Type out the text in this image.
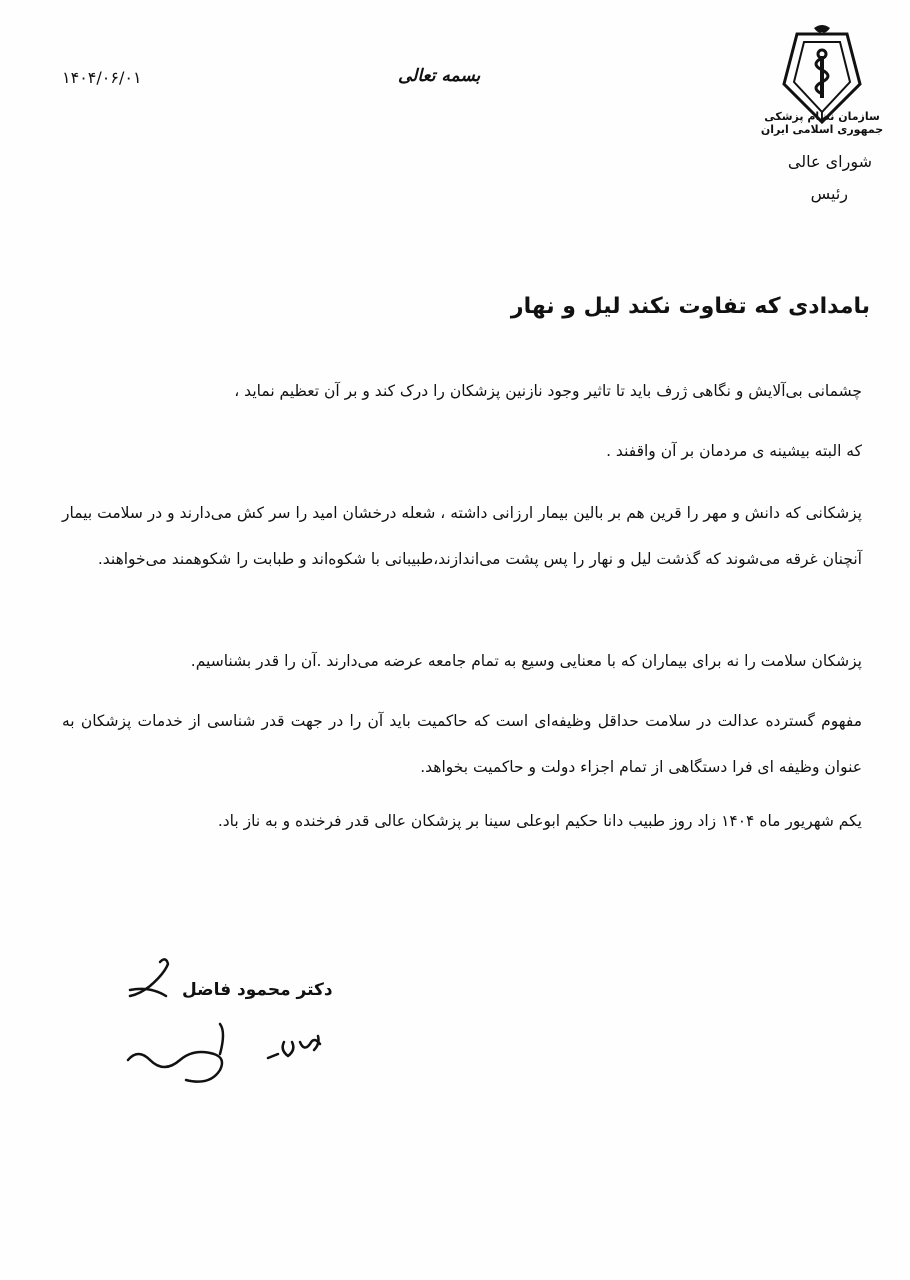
سازمان نظام پزشکی جمهوری اسلامی ایران
شورای عالی
رئیس
بسمه تعالی
۱۴۰۴/۰۶/۰۱
بامدادی که تفاوت نکند لیل و نهار
چشمانی بی‌آلایش و نگاهی ژرف باید تا تاثیر وجود نازنین پزشکان را درک کند و بر آن تعظیم نماید ،
که البته بیشینه ی مردمان بر آن واقفند .
پزشکانی که دانش و مهر را قرین هم بر بالین بیمار ارزانی داشته ، شعله درخشان امید را سر کش می‌دارند و در سلامت بیمار آنچنان غرقه می‌شوند که گذشت لیل و نهار را پس پشت می‌اندازند،طبیبانی با شکوه‌اند و طبابت را شکوهمند می‌خواهند.
پزشکان سلامت را نه برای بیماران که با معنایی وسیع به تمام جامعه عرضه می‌دارند .آن را قدر بشناسیم.
مفهوم گسترده عدالت در سلامت حداقل وظیفه‌ای است که حاکمیت باید آن را در جهت قدر شناسی از خدمات پزشکان به عنوان وظیفه ای فرا دستگاهی از تمام اجزاء دولت و حاکمیت بخواهد.
یکم شهریور ماه ۱۴۰۴ زاد روز طبیب دانا حکیم ابوعلی سینا بر پزشکان عالی قدر فرخنده و به ناز باد.
دکتر محمود فاضل
